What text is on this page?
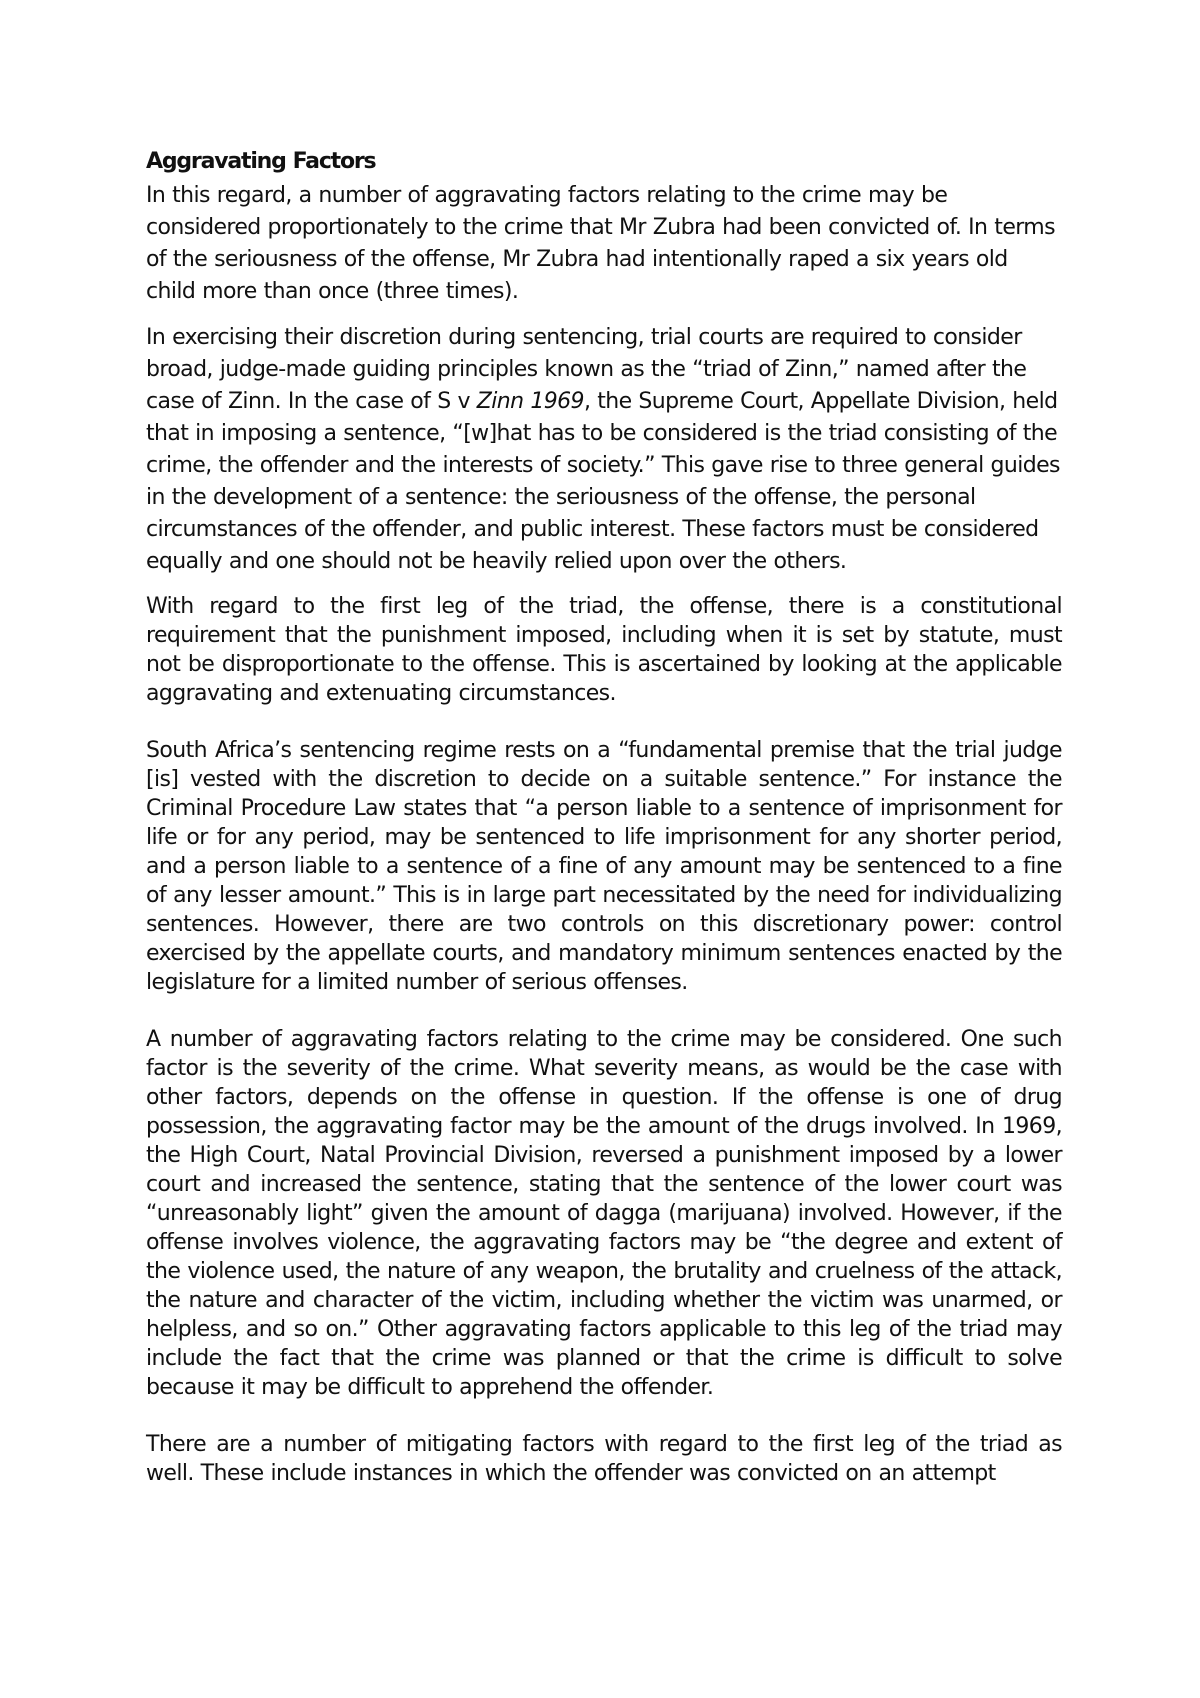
Aggravating Factors

In this regard, a number of aggravating factors relating to the crime may be considered proportionately to the crime that Mr Zubra had been convicted of. In terms of the seriousness of the offense, Mr Zubra had intentionally raped a six years old child more than once (three times).

In exercising their discretion during sentencing, trial courts are required to consider broad, judge-made guiding principles known as the “triad of Zinn,” named after the case of Zinn. In the case of S v Zinn 1969, the Supreme Court, Appellate Division, held that in imposing a sentence, “[w]hat has to be considered is the triad consisting of the crime, the offender and the interests of society.” This gave rise to three general guides in the development of a sentence: the seriousness of the offense, the personal circumstances of the offender, and public interest. These factors must be considered equally and one should not be heavily relied upon over the others.

With regard to the first leg of the triad, the offense, there is a constitutional requirement that the punishment imposed, including when it is set by statute, must not be disproportionate to the offense. This is ascertained by looking at the applicable aggravating and extenuating circumstances.

South Africa’s sentencing regime rests on a “fundamental premise that the trial judge [is] vested with the discretion to decide on a suitable sentence.” For instance the Criminal Procedure Law states that “a person liable to a sentence of imprisonment for life or for any period, may be sentenced to life imprisonment for any shorter period, and a person liable to a sentence of a fine of any amount may be sentenced to a fine of any lesser amount.” This is in large part necessitated by the need for individualizing sentences. However, there are two controls on this discretionary power: control exercised by the appellate courts, and mandatory minimum sentences enacted by the legislature for a limited number of serious offenses.

A number of aggravating factors relating to the crime may be considered. One such factor is the severity of the crime. What severity means, as would be the case with other factors, depends on the offense in question. If the offense is one of drug possession, the aggravating factor may be the amount of the drugs involved. In 1969, the High Court, Natal Provincial Division, reversed a punishment imposed by a lower court and increased the sentence, stating that the sentence of the lower court was “unreasonably light” given the amount of dagga (marijuana) involved. However, if the offense involves violence, the aggravating factors may be “the degree and extent of the violence used, the nature of any weapon, the brutality and cruelness of the attack, the nature and character of the victim, including whether the victim was unarmed, or helpless, and so on.” Other aggravating factors applicable to this leg of the triad may include the fact that the crime was planned or that the crime is difficult to solve because it may be difficult to apprehend the offender.

There are a number of mitigating factors with regard to the first leg of the triad as well. These include instances in which the offender was convicted on an attempt
